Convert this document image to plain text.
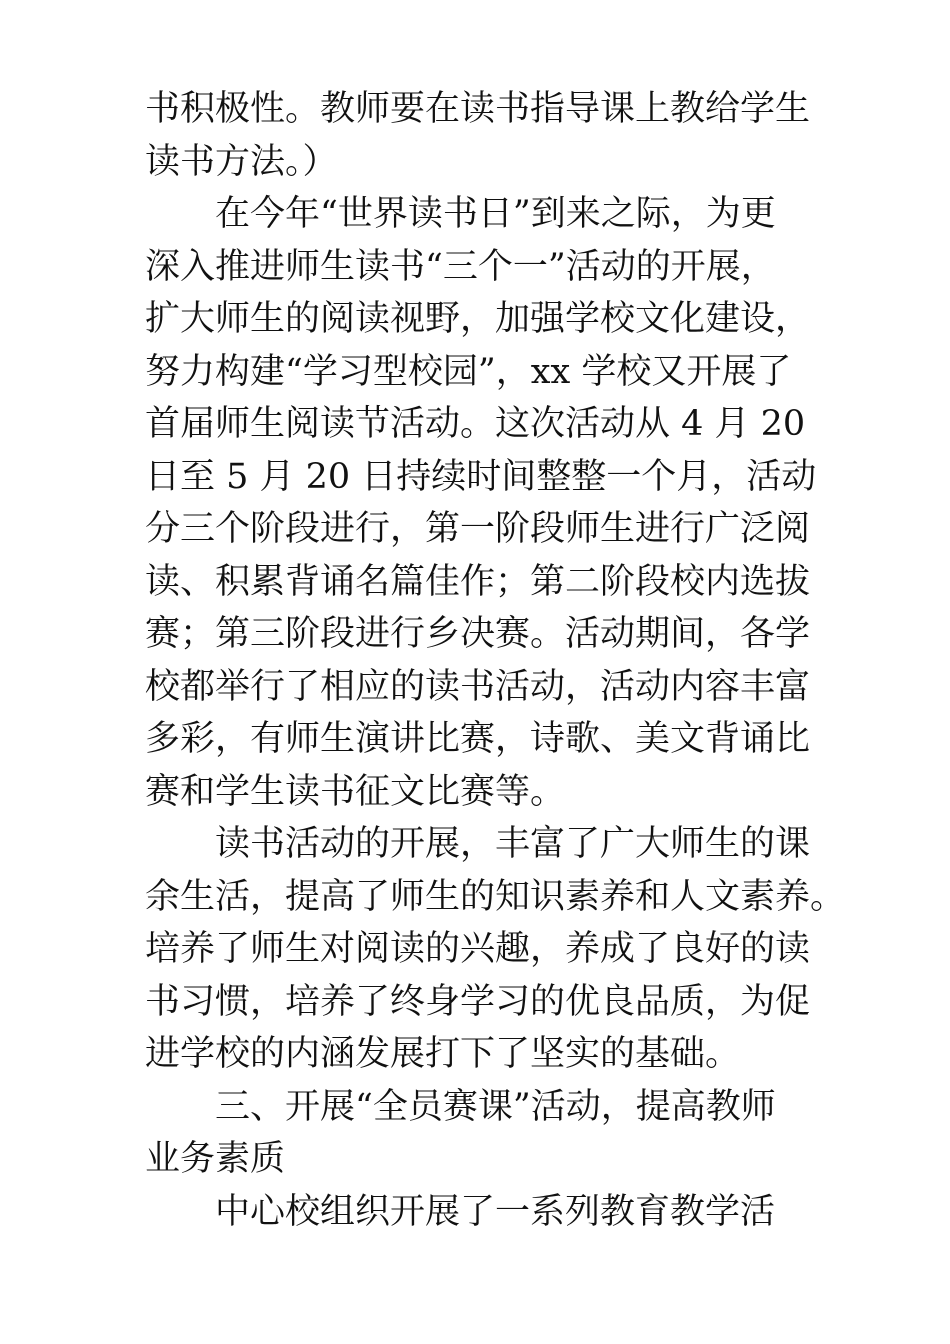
书积极性。教师要在读书指导课上教给学生
读书方法。）
在今年“世界读书日”到来之际，为更
深入推进师生读书“三个一”活动的开展，
扩大师生的阅读视野，加强学校文化建设，
努力构建“学习型校园”，xx 学校又开展了
首届师生阅读节活动。这次活动从 4 月 20
日至 5 月 20 日持续时间整整一个月，活动
分三个阶段进行，第一阶段师生进行广泛阅
读、积累背诵名篇佳作；第二阶段校内选拔
赛；第三阶段进行乡决赛。活动期间，各学
校都举行了相应的读书活动，活动内容丰富
多彩，有师生演讲比赛，诗歌、美文背诵比
赛和学生读书征文比赛等。
读书活动的开展，丰富了广大师生的课
余生活，提高了师生的知识素养和人文素养。
培养了师生对阅读的兴趣，养成了良好的读
书习惯，培养了终身学习的优良品质，为促
进学校的内涵发展打下了坚实的基础。
三、开展“全员赛课”活动，提高教师
业务素质
中心校组织开展了一系列教育教学活
